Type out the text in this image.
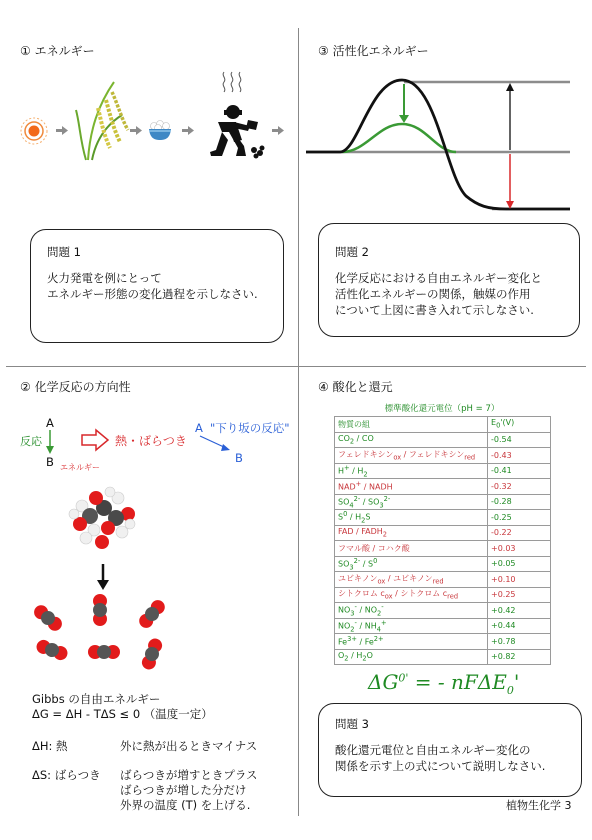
① エネルギー
問題 1
火力発電を例にとって
エネルギー形態の変化過程を示しなさい.
③ 活性化エネルギー
問題 2
化学反応における自由エネルギー変化と
活性化エネルギーの関係，触媒の作用
について上図に書き入れて示しなさい.
② 化学反応の方向性
A
反応
B エネルギー
熱・ばらつき
A "下り坂の反応"
B
Gibbs の自由エネルギー
ΔG = ΔH - TΔS ≤ 0 （温度一定）
ΔH: 熱	外に熱が出るときマイナス
ΔS: ばらつき ばらつきが増すときプラス
ばらつきが増した分だけ
外界の温度 (T) を上げる.
④ 酸化と還元
標準酸化還元電位（pH = 7）
物質の組	$E_0'(V)$
$CO_2$ / CO	-0.54
フェレドキシン$_{ox}$ / フェレドキシン$_{red}$	-0.43
$H^+ / H_2$	-0.41
NAD+ / NADH	-0.32
$SO_4^{2-} / SO_3^{2-}$	-0.28
$S^0 / H_2S$	-0.25
FAD / $FADH_2$	-0.22
フマル酸 / コハク酸	+0.03
$SO_3^{2-} / S^0$	+0.05
ユビキノン$_{ox}$ / ユビキノン$_{red}$	+0.10
シトクロム $c_{ox}$ / シトクロム $c_{red}$	+0.25
$NO_3^- / NO_2^-$	+0.42
$NO_2^- / NH_4^+$	+0.44
$Fe^{3+} / Fe^{2+}$	+0.78
$O_2 / H_2O$	+0.82
$\Delta G^{0'}$ = - nFΔE$_0$'
問題 3
酸化還元電位と自由エネルギー変化の
関係を示す上の式について説明しなさい.
植物生化学 3
